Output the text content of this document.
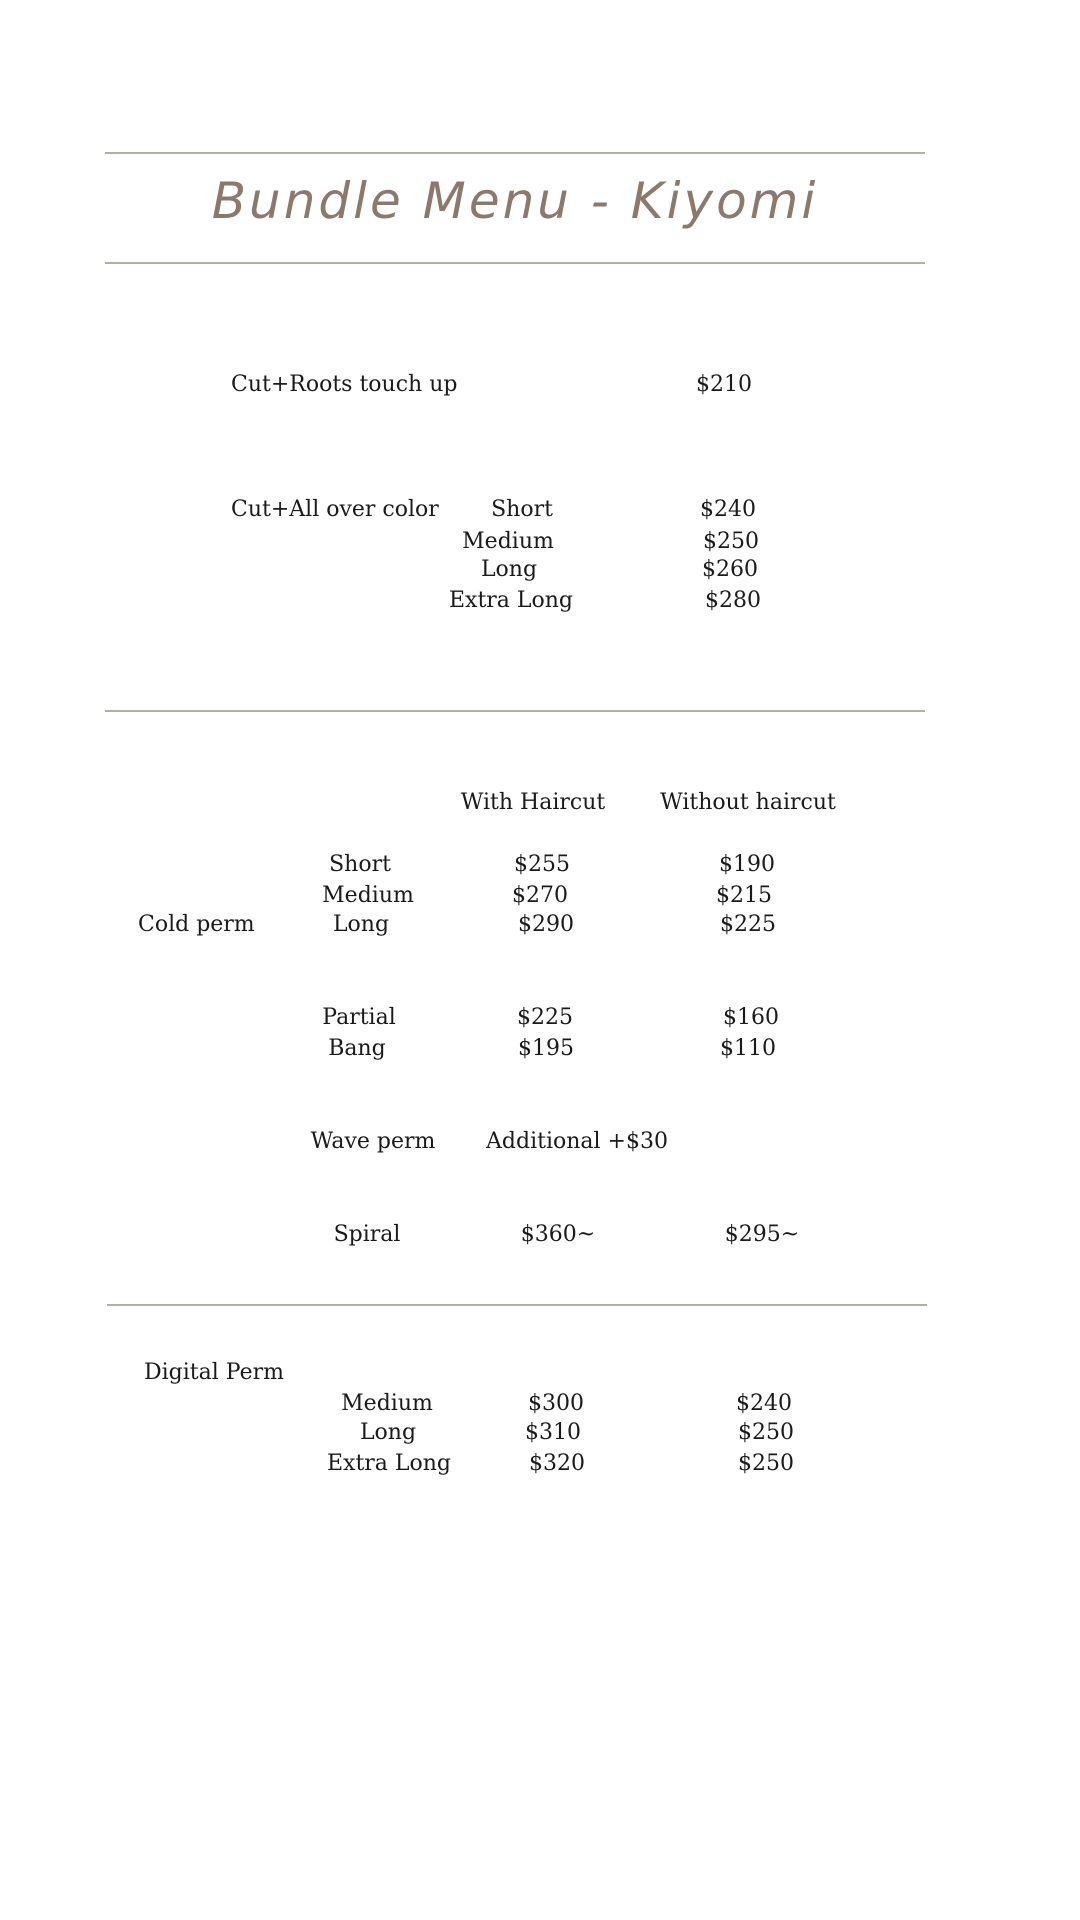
Bundle Menu - Kiyomi
Cut+Roots touch up	$210
Cut+All over color Short	$240
Medium	$250
Long	$260
Extra Long	$280
With Haircut Without haircut
Cold perm
Short	$255	$190
Medium	$270	$215
Long	$290	$225
Partial	$225	$160
Bang	$195	$110
Wave perm Additional +$30
Spiral	$360~	$295~
Digital Perm
Medium	$300	$240
Long	$310	$250
Extra Long	$320	$250
